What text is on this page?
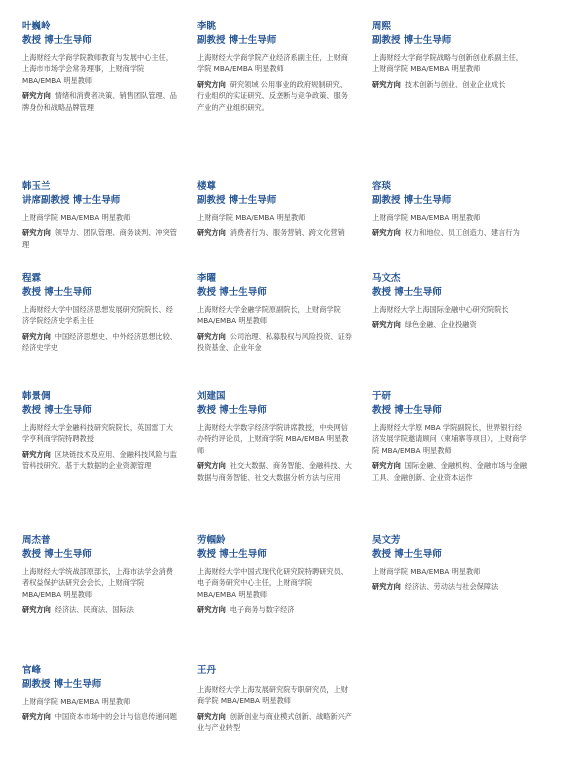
叶巍岭

教授 博士生导师

上海财经大学商学院教师教育与发展中心主任，上海市市场学会常务理事，上财商学院 MBA/EMBA 明星教师

研究方向 情绪和消费者决策、销售团队管理、品牌身份和战略品牌管理

李眺

副教授 博士生导师

上海财经大学商学院产业经济系副主任，上财商学院 MBA/EMBA 明星教师

研究方向 研究领域 公用事业的政府规制研究、行业组织的实证研究、反垄断与竞争政策、服务产业的产业组织研究。

周熙

副教授 博士生导师

上海财经大学商学院战略与创新创业系副主任，上财商学院 MBA/EMBA 明星教师

研究方向 技术创新与创业、创业企业成长

韩玉兰

讲席副教授 博士生导师

上财商学院 MBA/EMBA 明星教师

研究方向 领导力、团队管理、商务谈判、冲突管理

楼尊

副教授 博士生导师

上财商学院 MBA/EMBA 明星教师

研究方向 消费者行为、服务营销、跨文化营销

容琰

副教授 博士生导师

上财商学院 MBA/EMBA 明星教师

研究方向 权力和地位、员工创造力、建言行为

程霖

教授 博士生导师

上海财经大学中国经济思想发展研究院院长、经济学院经济史学系主任

研究方向 中国经济思想史、中外经济思想比较、经济史学史

李曜

教授 博士生导师

上海财经大学金融学院原副院长，上财商学院 MBA/EMBA 明星教师

研究方向 公司治理、私募股权与风险投资、证券投资基金、企业年金

马文杰

教授 博士生导师

上海财经大学上海国际金融中心研究院院长

研究方向 绿色金融、企业投融资

韩景倜

教授 博士生导师

上海财经大学金融科技研究院院长，英国雷丁大学亨利商学院特聘教授

研究方向 区块链技术及应用、金融科技风险与监管科技研究、基于大数据的企业资源管理

刘建国

教授 博士生导师

上海财经大学数字经济学院讲席教授，中央网信办特约评论员，上财商学院 MBA/EMBA 明星教师

研究方向 社交大数据、商务智能、金融科技、大数据与商务智能、社交大数据分析方法与应用

于研

教授 博士生导师

上海财经大学原 MBA 学院副院长，世界银行经济发展学院邀请顾问（柬埔寨等项目），上财商学院 MBA/EMBA 明星教师

研究方向 国际金融、金融机构、金融市场与金融工具、金融创新、企业资本运作

周杰普

教授 博士生导师

上海财经大学统战部原部长，上海市法学会消费者权益保护法研究会会长，上财商学院 MBA/EMBA 明星教师

研究方向 经济法、民商法、国际法

劳帼龄

教授 博士生导师

上海财经大学中国式现代化研究院特聘研究员、电子商务研究中心主任，上财商学院 MBA/EMBA 明星教师

研究方向 电子商务与数字经济

吴文芳

教授 博士生导师

上财商学院 MBA/EMBA 明星教师

研究方向 经济法、劳动法与社会保障法

官峰

副教授 博士生导师

上财商学院 MBA/EMBA 明星教师

研究方向 中国资本市场中的会计与信息传递问题

王丹

上海财经大学上海发展研究院专职研究员，上财商学院 MBA/EMBA 明星教师

研究方向 创新创业与商业模式创新、战略新兴产业与产业转型
